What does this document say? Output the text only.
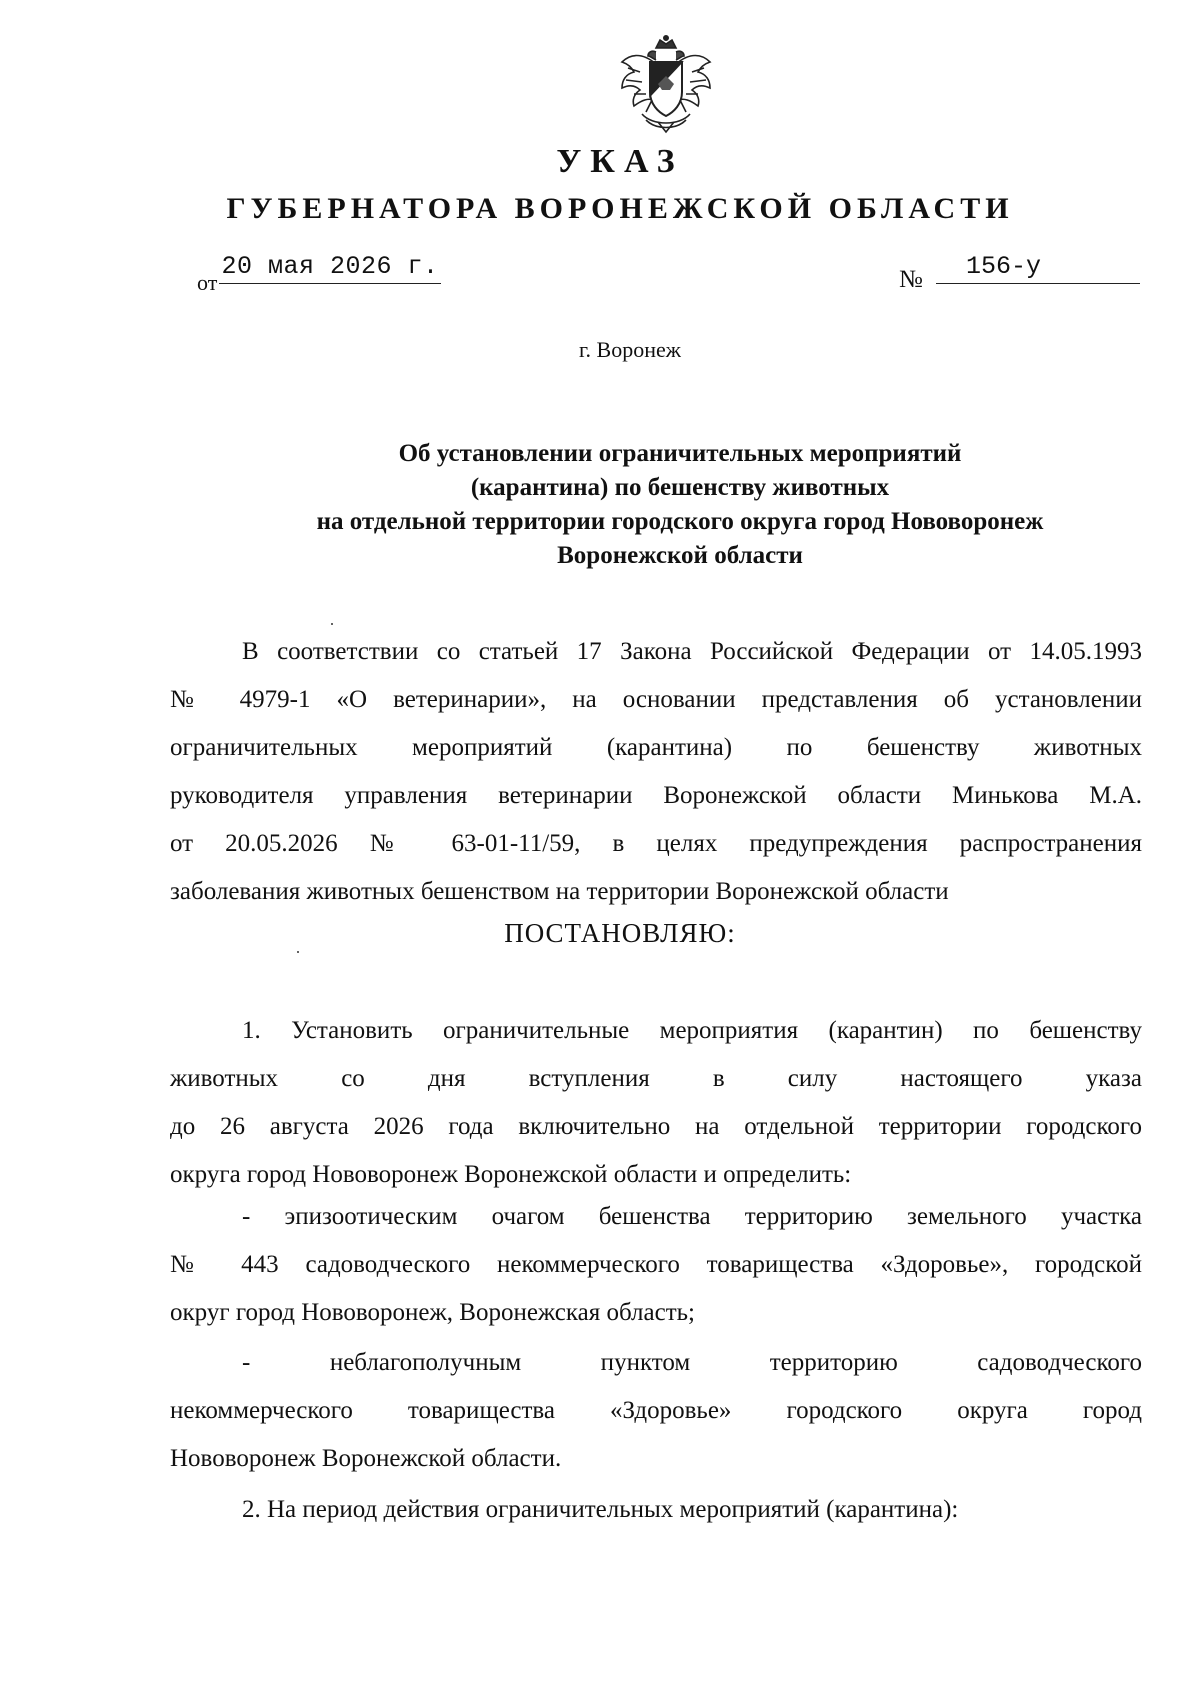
УКАЗ
ГУБЕРНАТОРА ВОРОНЕЖСКОЙ ОБЛАСТИ
от
20 мая 2026 г.	№	156-у
г. Воронеж
Об установлении ограничительных мероприятий
(карантина) по бешенству животных
на отдельной территории городского округа город Нововоронеж
Воронежской области
В соответствии со статьей 17 Закона Российской Федерации от 14.05.1993
№ 4979-1 «О ветеринарии», на основании представления об установлении
ограничительных мероприятий (карантина) по бешенству животных
руководителя управления ветеринарии Воронежской области Минькова М.А.
от 20.05.2026 № 63-01-11/59, в целях предупреждения распространения
заболевания животных бешенством на территории Воронежской области
ПОСТАНОВЛЯЮ:
1. Установить ограничительные мероприятия (карантин) по бешенству
животных со дня вступления в силу настоящего указа
до 26 августа 2026 года включительно на отдельной территории городского
округа город Нововоронеж Воронежской области и определить:
- эпизоотическим очагом бешенства территорию земельного участка
№ 443 садоводческого некоммерческого товарищества «Здоровье», городской
округ город Нововоронеж, Воронежская область;
- неблагополучным пунктом территорию садоводческого
некоммерческого товарищества «Здоровье» городского округа город
Нововоронеж Воронежской области.
2. На период действия ограничительных мероприятий (карантина):
